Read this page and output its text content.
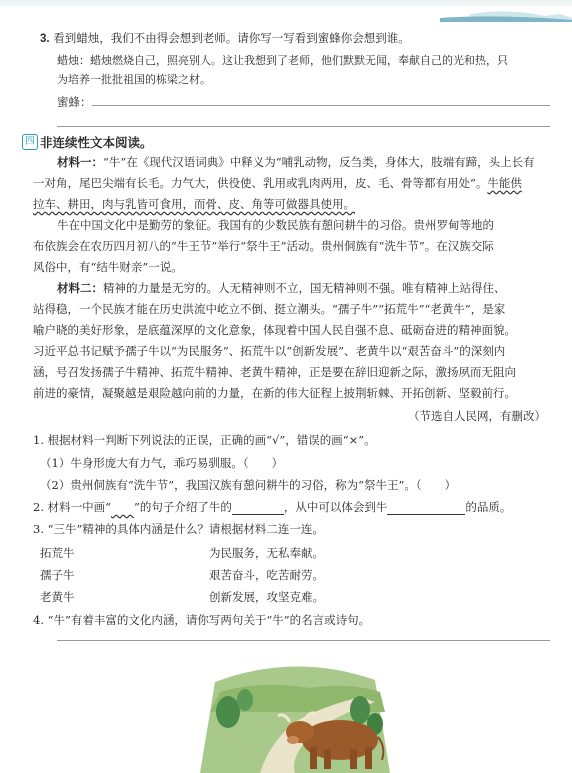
3. 看到蜡烛，我们不由得会想到老师。请你写一写看到蜜蜂你会想到谁。
蜡烛：蜡烛燃烧自己，照亮别人。这让我想到了老师，他们默默无闻，奉献自己的光和热，只
为培养一批批祖国的栋梁之材。
蜜蜂：
四 非连续性文本阅读。
材料一：“牛”在《现代汉语词典》中释义为“哺乳动物，反刍类，身体大，肢端有蹄，头上长有
一对角，尾巴尖端有长毛。力气大，供役使、乳用或乳肉两用，皮、毛、骨等都有用处”。牛能供
拉车、耕田，肉与乳皆可食用，而骨、皮、角等可做器具使用。
牛在中国文化中是勤劳的象征。我国有的少数民族有憩问耕牛的习俗。贵州罗甸等地的
布依族会在农历四月初八的“牛王节”举行“祭牛王”活动。贵州侗族有“洗牛节”。在汉族交际
风俗中，有“结牛财亲”一说。
材料二：精神的力量是无穷的。人无精神则不立，国无精神则不强。唯有精神上站得住、
站得稳，一个民族才能在历史洪流中屹立不倒、挺立潮头。“孺子牛”“拓荒牛”“老黄牛”，是家
喻户晓的美好形象，是底蕴深厚的文化意象，体现着中国人民自强不息、砥砺奋进的精神面貌。
习近平总书记赋予孺子牛以“为民服务”、拓荒牛以“创新发展”、老黄牛以“艰苦奋斗”的深刻内
涵，号召发扬孺子牛精神、拓荒牛精神、老黄牛精神，正是要在辞旧迎新之际，激扬夙而无阻向
前进的豪情，凝聚越是艰险越向前的力量，在新的伟大征程上披荆斩棘、开拓创新、坚毅前行。
（节选自人民网，有删改）
1. 根据材料一判断下列说法的正误，正确的画“√”，错误的画“×”。
（1）牛身形庞大有力气，乖巧易驯服。（　　）
（2）贵州侗族有“洗牛节”，我国汉族有憩问耕牛的习俗，称为“祭牛王”。（　　）
2. 材料一中画“   ”的句子介绍了牛的	，从中可以体会到牛	的品质。
3. “三牛”精神的具体内涵是什么？请根据材料二连一连。
拓荒牛
孺子牛
老黄牛
为民服务，无私奉献。
艰苦奋斗，吃苦耐劳。
创新发展，攻坚克难。
4. “牛”有着丰富的文化内涵，请你写两句关于“牛”的名言或诗句。
